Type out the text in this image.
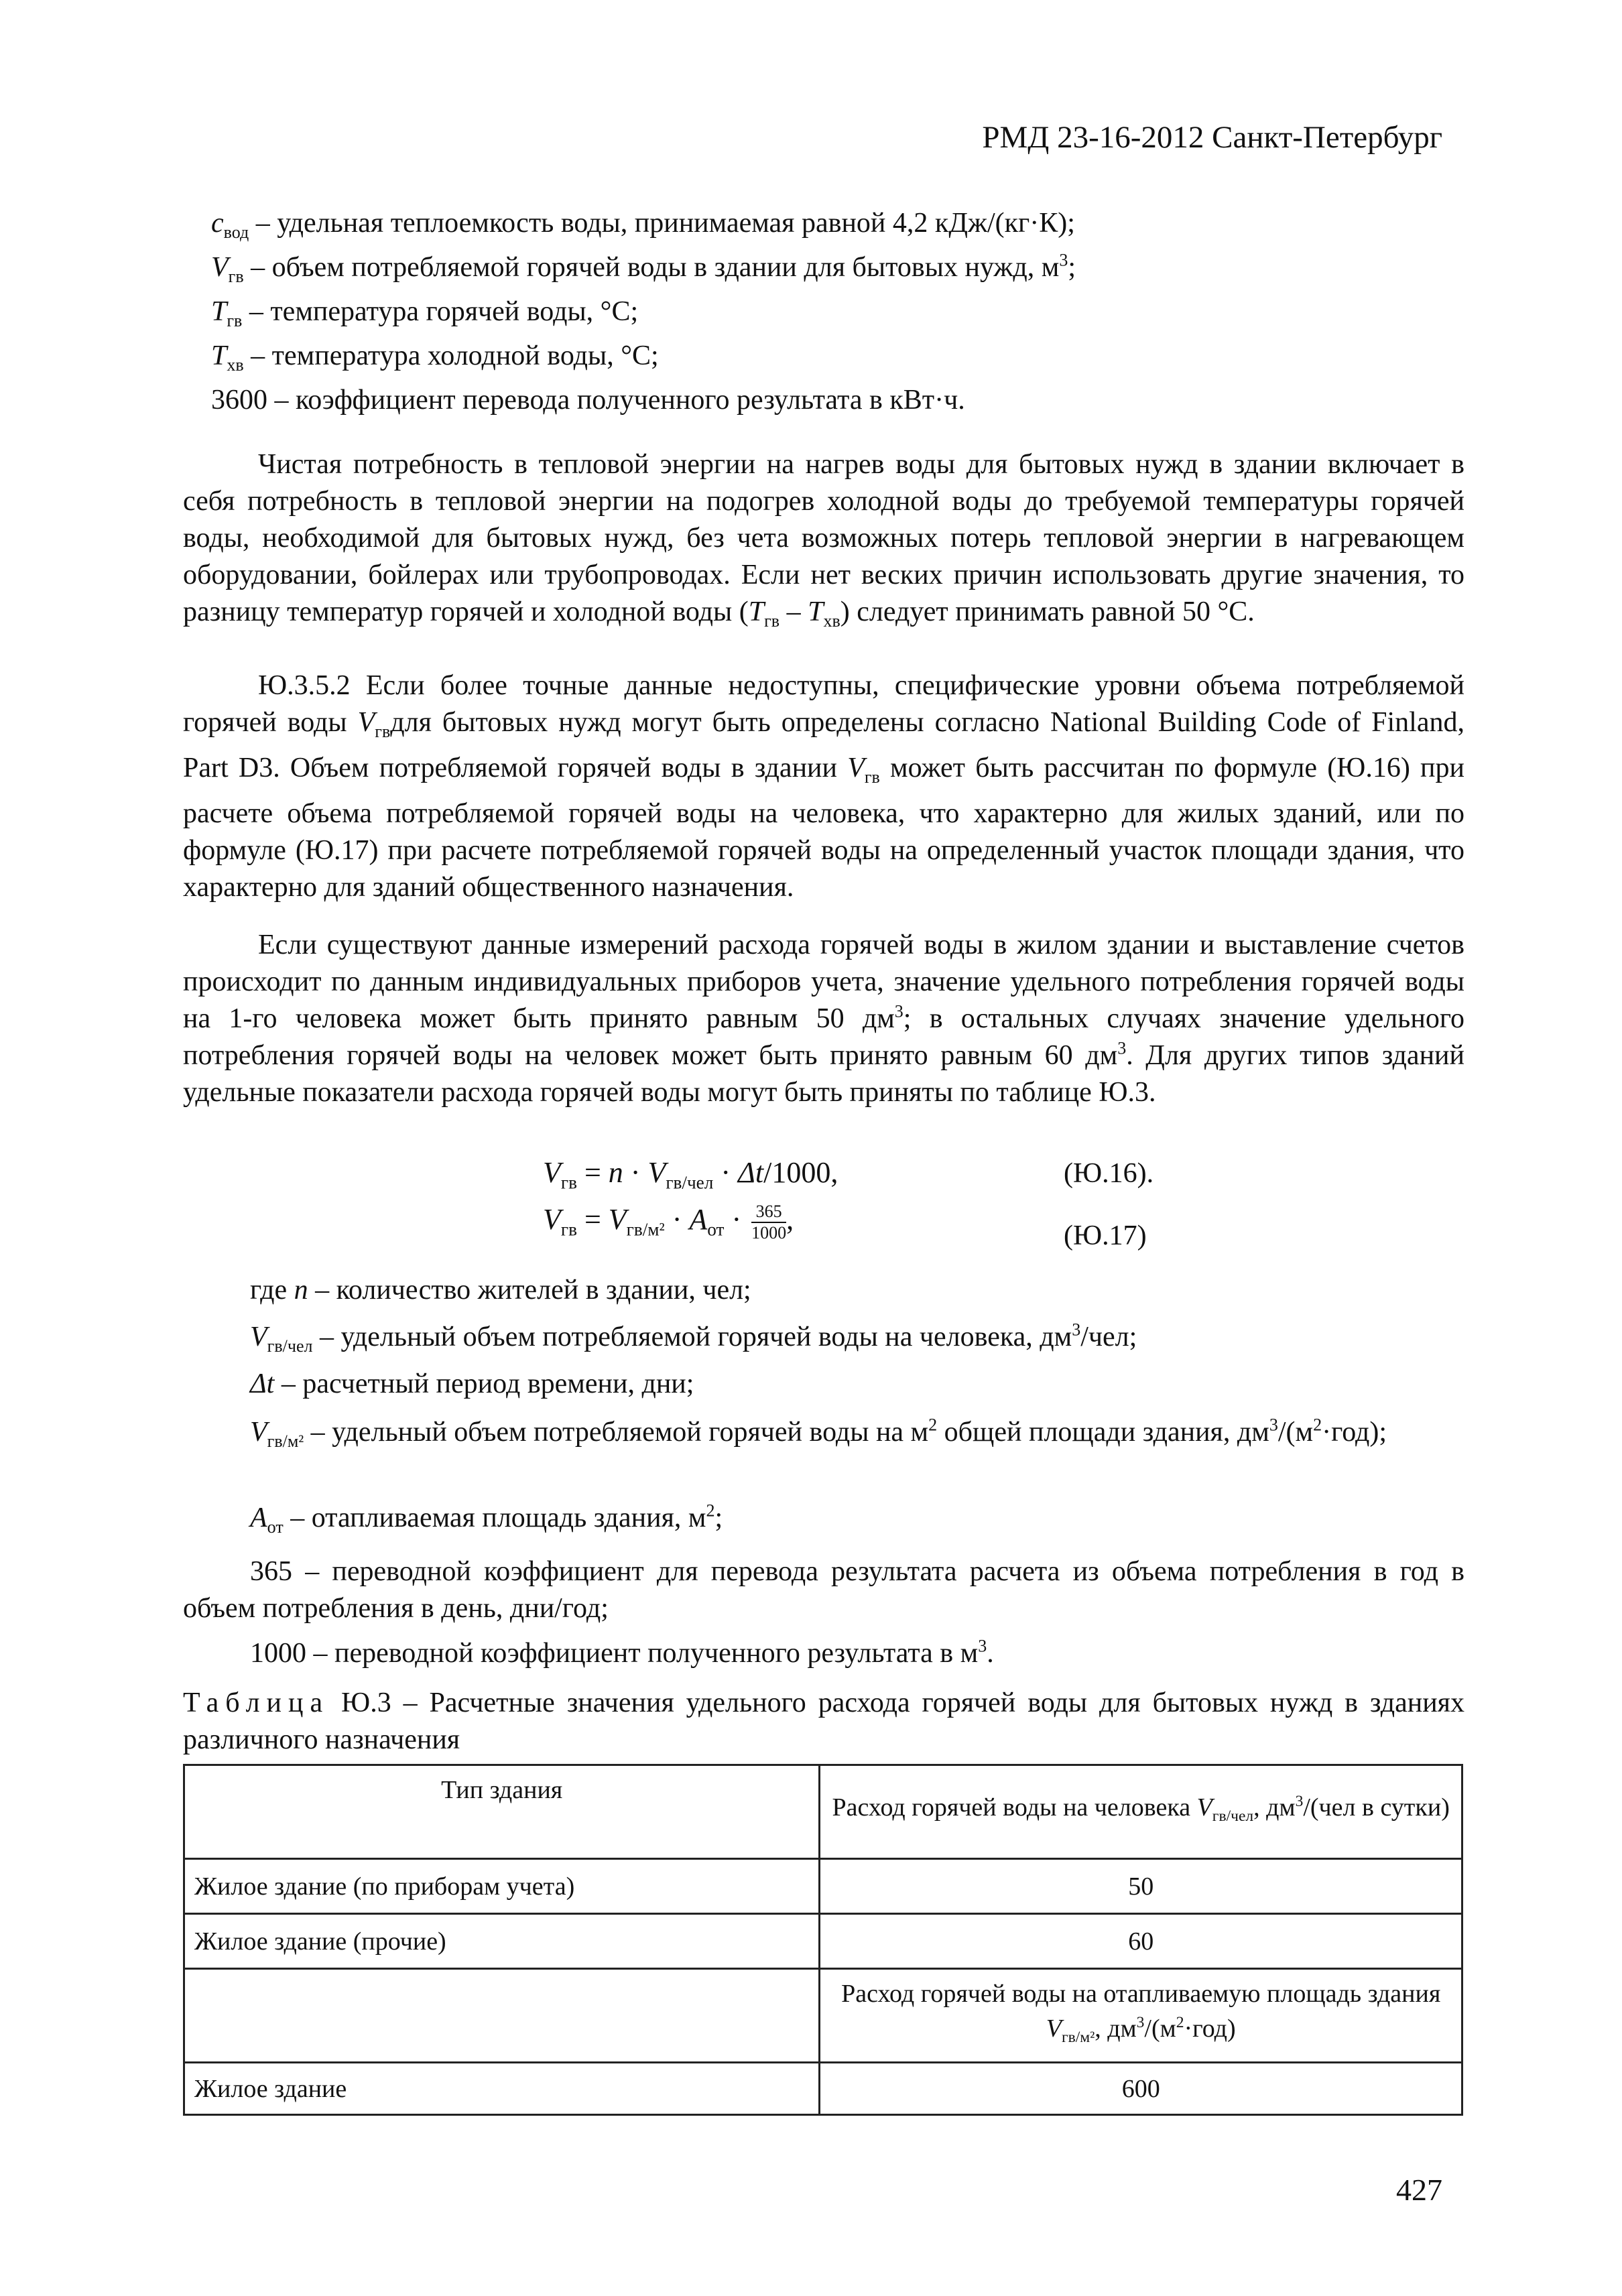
РМД 23-16-2012 Санкт-Петербург

$c_{вод}$ – удельная теплоемкость воды, принимаемая равной 4,2 кДж/(кг·К);

$V_{гв}$ – объем потребляемой горячей воды в здании для бытовых нужд, $м^3$;

$T_{гв}$ – температура горячей воды, °С;

$T_{хв}$ – температура холодной воды, °С;

3600 – коэффициент перевода полученного результата в кВт·ч.

Чистая потребность в тепловой энергии на нагрев воды для бытовых нужд в здании включает в себя потребность в тепловой энергии на подогрев холодной воды до требуемой температуры горячей воды, необходимой для бытовых нужд, без чета возможных потерь тепловой энергии в нагревающем оборудовании, бойлерах или трубопроводах. Если нет веских причин использовать другие значения, то разницу температур горячей и холодной воды $(T_{гв} - T_{хв})$ следует принимать равной 50 °С.
Ю.3.5.2 Если более точные данные недоступны, специфические уровни объема потребляемой горячей воды $V_{гв}для$ бытовых нужд могут быть определены согласно National Building Code of Finland, Part D3. Объем потребляемой горячей воды в здании $V_{гв}$ может быть рассчитан по формуле (Ю.16) при расчете объема потребляемой горячей воды на человека, что характерно для жилых зданий, или по формуле (Ю.17) при расчете потребляемой горячей воды на определенный участок площади здания, что характерно для зданий общественного назначения.
Если существуют данные измерений расхода горячей воды в жилом здании и выставление счетов происходит по данным индивидуальных приборов учета, значение удельного потребления горячей воды на 1-го человека может быть принято равным 50 $дм^3$; в остальных случаях значение удельного потребления горячей воды на человек может быть принято равным 60 $дм^3$. Для других типов зданий удельные показатели расхода горячей воды могут быть приняты по таблице Ю.3.
$V_{гв} = n \cdot V_{гв/чел} \cdot \Delta t/1000$,	(Ю.16).
$V_{гв} = V_{гв/м^2} \cdot A_{от} \cdot \frac{365}{1000}$ ,	(Ю.17)

где n – количество жителей в здании, чел;

$V_{гв/чел}$ – удельный объем потребляемой горячей воды на человека, $дм^3$/чел;

Δt – расчетный период времени, дни;

$V_{гв/м^2}$ – удельный объем потребляемой горячей воды на $м^2$ общей площади здания, $дм^3/(м^2\cdot год)$;
$A_{от}$ – отапливаемая площадь здания, $м^2$;
365 – переводной коэффициент для перевода результата расчета из объема потребления в год в объем потребления в день, дни/год;
1000 – переводной коэффициент полученного результата в $м^3$.
Таблица Ю.3 – Расчетные значения удельного расхода горячей воды для бытовых нужд в зданиях различного назначения
Тип здания	Расход горячей воды на человека $V_{гв/чел}$, $дм^3/(чел$ в сутки)
Жилое здание (по приборам учета)	50
Жилое здание (прочие)	60
	Расход горячей воды на отапливаемую площадь здания $V_{гв/м^2}$, $дм^3/(м^2\cdot год)$
Жилое здание	600
427
